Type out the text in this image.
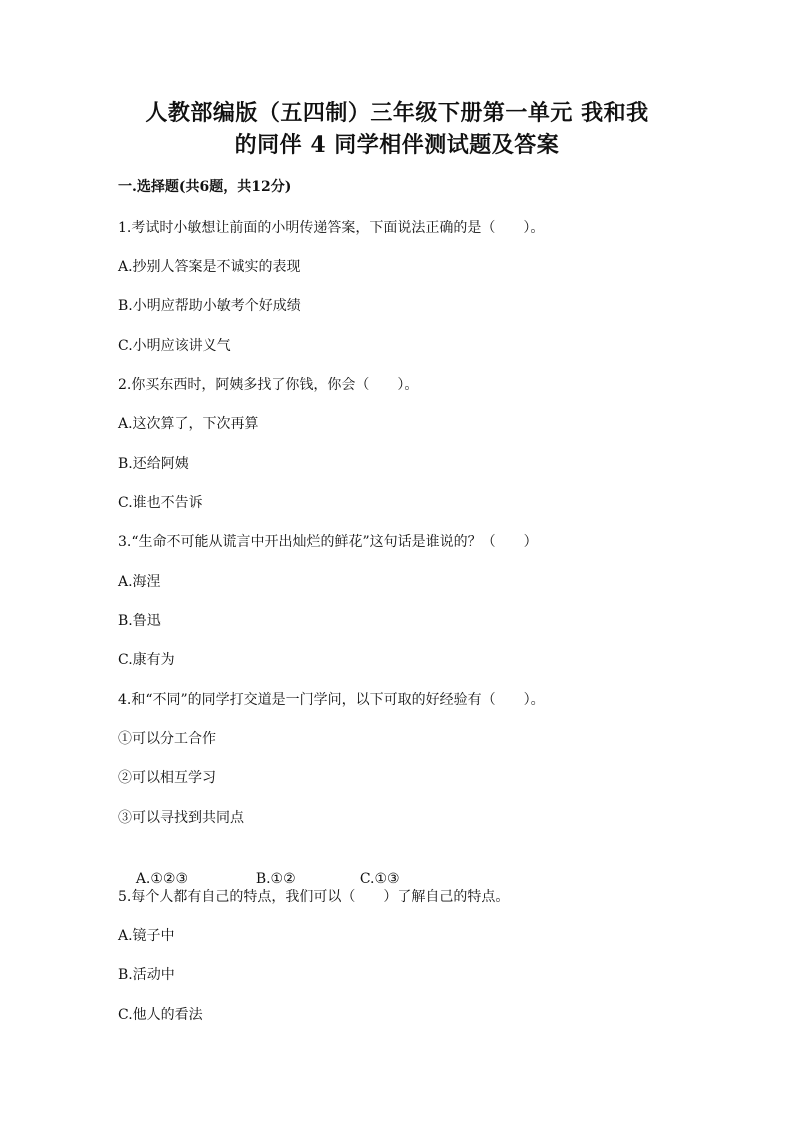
人教部编版（五四制）三年级下册第一单元 我和我
的同伴 4 同学相伴测试题及答案
一.选择题(共6题，共12分)
1.考试时小敏想让前面的小明传递答案，下面说法正确的是（　　）。
A.抄别人答案是不诚实的表现
B.小明应帮助小敏考个好成绩
C.小明应该讲义气
2.你买东西时，阿姨多找了你钱，你会（　　）。
A.这次算了，下次再算
B.还给阿姨
C.谁也不告诉
3.“生命不可能从谎言中开出灿烂的鲜花”这句话是谁说的？（　　）
A.海涅
B.鲁迅
C.康有为
4.和“不同”的同学打交道是一门学问，以下可取的好经验有（　　）。
①可以分工合作
②可以相互学习
③可以寻找到共同点

A.①②③	B.①②	C.①③

5.每个人都有自己的特点，我们可以（　　）了解自己的特点。
A.镜子中
B.活动中
C.他人的看法
